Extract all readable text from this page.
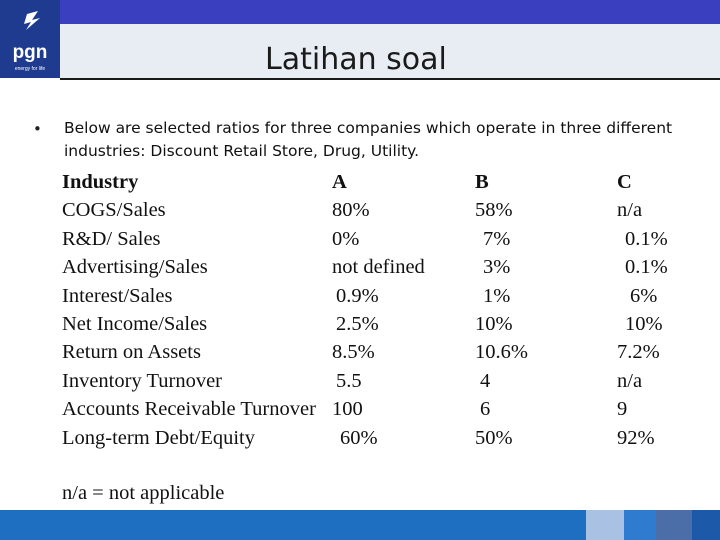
pgn
energy for life	Latihan soal
• Below are selected ratios for three companies which operate in three different industries: Discount Retail Store, Drug, Utility.
Industry	A	B	C
COGS/Sales	80%	58%	n/a
R&D/ Sales	0%	7%	0.1%
Advertising/Sales	not defined	3%	0.1%
Interest/Sales	0.9%	1%	6%
Net Income/Sales	2.5%	10%	10%
Return on Assets	8.5%	10.6%	7.2%
Inventory Turnover	5.5	4	n/a
Accounts Receivable Turnover 100	6	9
Long-term Debt/Equity	60%	50%	92%
n/a = not applicable
